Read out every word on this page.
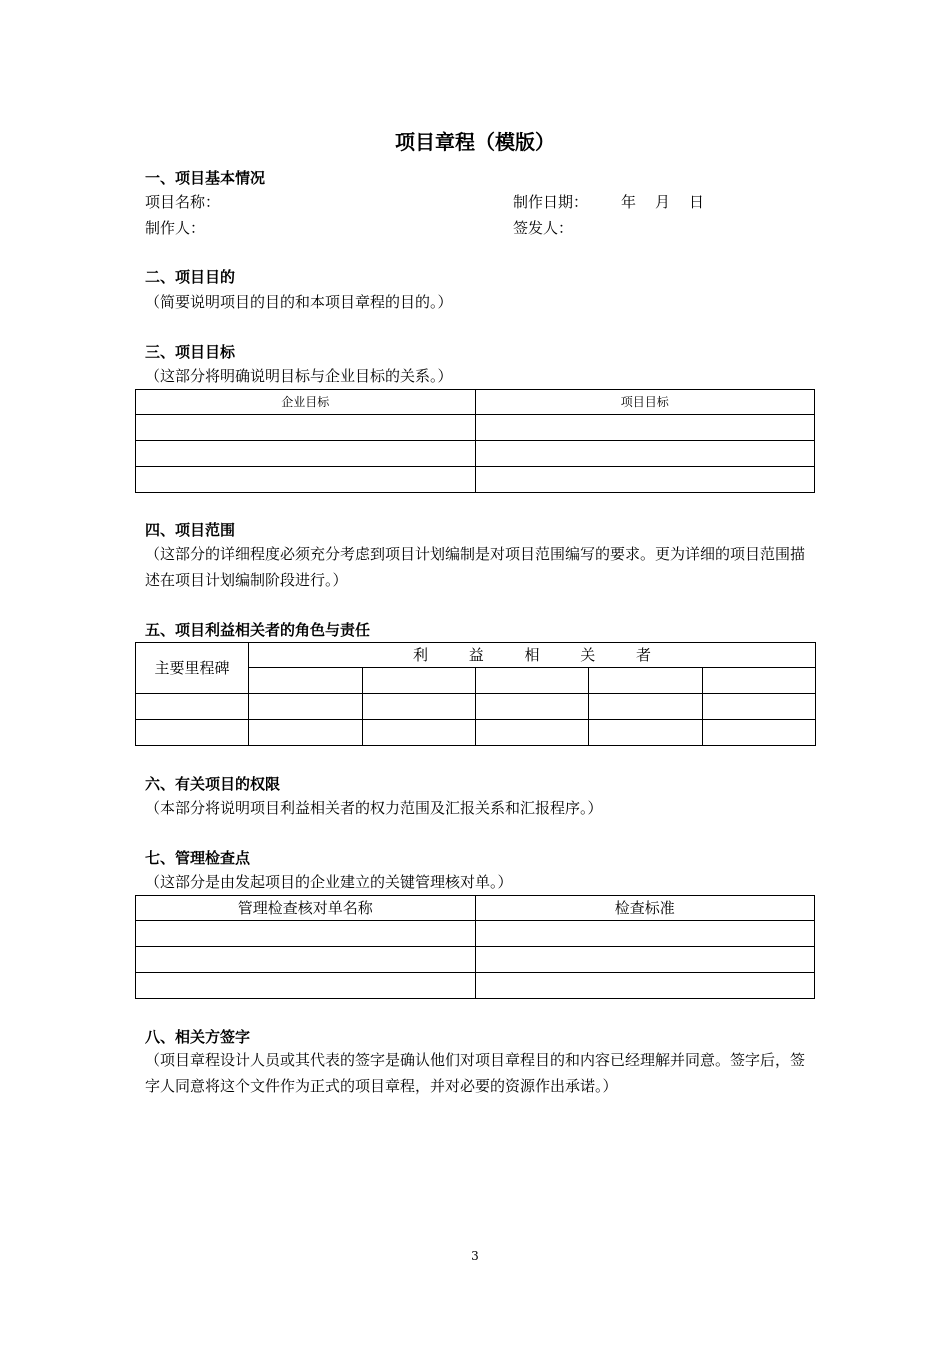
项目章程（模版）
一、项目基本情况
项目名称：	制作日期： 年 月 日
制作人：	签发人：
二、项目目的
（简要说明项目的目的和本项目章程的目的。）
三、项目目标
（这部分将明确说明目标与企业目标的关系。）
企业目标	项目目标

四、项目范围
（这部分的详细程度必须充分考虑到项目计划编制是对项目范围编写的要求。更为详细的项目范围描述在项目计划编制阶段进行。）
五、项目利益相关者的角色与责任
主要里程碑	利 益 相 关 者				

六、有关项目的权限
（本部分将说明项目利益相关者的权力范围及汇报关系和汇报程序。）
七、管理检查点
（这部分是由发起项目的企业建立的关键管理核对单。）
管理检查核对单名称	检查标准

八、相关方签字
（项目章程设计人员或其代表的签字是确认他们对项目章程目的和内容已经理解并同意。签字后，签字人同意将这个文件作为正式的项目章程，并对必要的资源作出承诺。）
3
